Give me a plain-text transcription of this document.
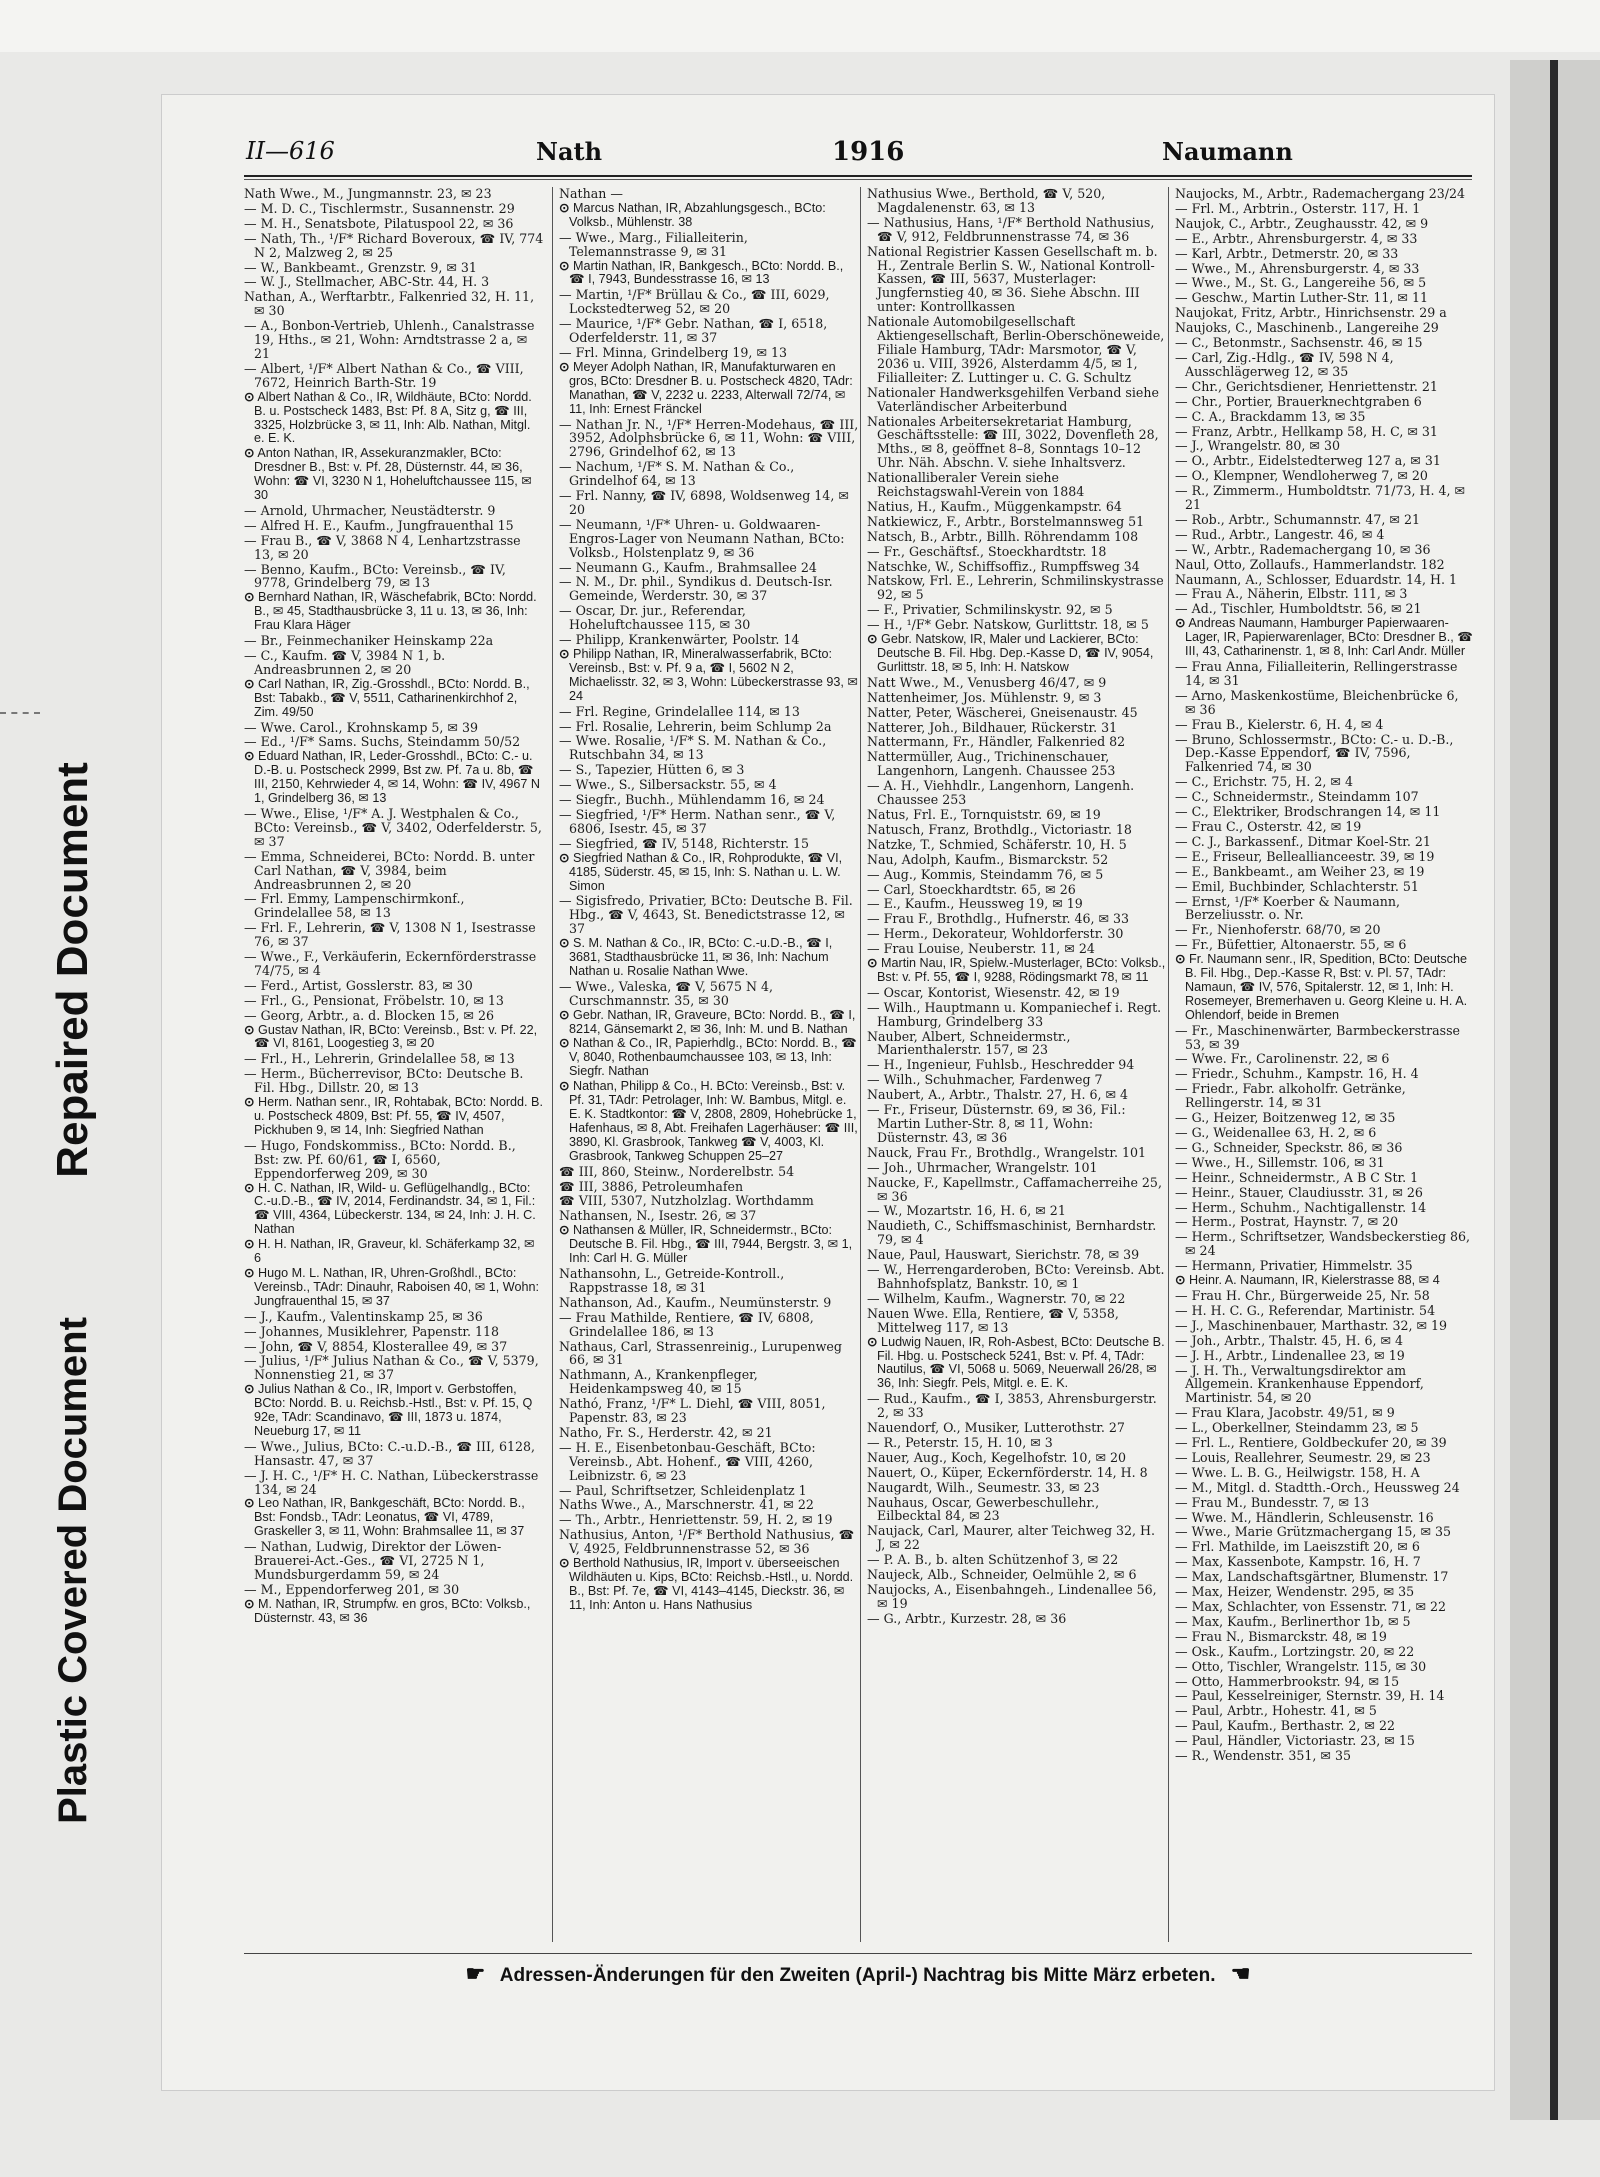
Repaired Document
Plastic Covered Document
II—616	Nath	1916	Naumann
Nath Wwe., M., Jungmannstr. 23, ✉ 23
— M. D. C., Tischlermstr., Susannenstr. 29
— M. H., Senatsbote, Pilatuspool 22, ✉ 36
— Nath, Th., ¹/F* Richard Boveroux, ☎ IV, 774 N 2, Malzweg 2, ✉ 25
— W., Bankbeamt., Grenzstr. 9, ✉ 31
— W. J., Stellmacher, ABC-Str. 44, H. 3
Nathan, A., Werftarbtr., Falkenried 32, H. 11, ✉ 30
— A., Bonbon-Vertrieb, Uhlenh., Canalstrasse 19, Hths., ✉ 21, Wohn: Arndtstrasse 2 a, ✉ 21
— Albert, ¹/F* Albert Nathan & Co., ☎ VIII, 7672, Heinrich Barth-Str. 19
⊙ Albert Nathan & Co., IR, Wildhäute, BCto: Nordd. B. u. Postscheck 1483, Bst: Pf. 8 A, Sitz g, ☎ III, 3325, Holzbrücke 3, ✉ 11, Inh: Alb. Nathan, Mitgl. e. E. K.
⊙ Anton Nathan, IR, Assekuranzmakler, BCto: Dresdner B., Bst: v. Pf. 28, Düsternstr. 44, ✉ 36, Wohn: ☎ VI, 3230 N 1, Hoheluftchaussee 115, ✉ 30
— Arnold, Uhrmacher, Neustädterstr. 9
— Alfred H. E., Kaufm., Jungfrauenthal 15
— Frau B., ☎ V, 3868 N 4, Lenhartzstrasse 13, ✉ 20
— Benno, Kaufm., BCto: Vereinsb., ☎ IV, 9778, Grindelberg 79, ✉ 13
⊙ Bernhard Nathan, IR, Wäschefabrik, BCto: Nordd. B., ✉ 45, Stadthausbrücke 3, 11 u. 13, ✉ 36, Inh: Frau Klara Häger
— Br., Feinmechaniker Heinskamp 22a
— C., Kaufm. ☎ V, 3984 N 1, b. Andreasbrunnen 2, ✉ 20
⊙ Carl Nathan, IR, Zig.-Grosshdl., BCto: Nordd. B., Bst: Tabakb., ☎ V, 5511, Catharinenkirchhof 2, Zim. 49/50
— Wwe. Carol., Krohnskamp 5, ✉ 39
— Ed., ¹/F* Sams. Suchs, Steindamm 50/52
⊙ Eduard Nathan, IR, Leder-Grosshdl., BCto: C.- u. D.-B. u. Postscheck 2999, Bst zw. Pf. 7a u. 8b, ☎ III, 2150, Kehrwieder 4, ✉ 14, Wohn: ☎ IV, 4967 N 1, Grindelberg 36, ✉ 13
— Wwe., Elise, ¹/F* A. J. Westphalen & Co., BCto: Vereinsb., ☎ V, 3402, Oderfelderstr. 5, ✉ 37
— Emma, Schneiderei, BCto: Nordd. B. unter Carl Nathan, ☎ V, 3984, beim Andreasbrunnen 2, ✉ 20
— Frl. Emmy, Lampenschirmkonf., Grindelallee 58, ✉ 13
— Frl. F., Lehrerin, ☎ V, 1308 N 1, Isestrasse 76, ✉ 37
— Wwe., F., Verkäuferin, Eckernförderstrasse 74/75, ✉ 4
— Ferd., Artist, Gosslerstr. 83, ✉ 30
— Frl., G., Pensionat, Fröbelstr. 10, ✉ 13
— Georg, Arbtr., a. d. Blocken 15, ✉ 26
⊙ Gustav Nathan, IR, BCto: Vereinsb., Bst: v. Pf. 22, ☎ VI, 8161, Loogestieg 3, ✉ 20
— Frl., H., Lehrerin, Grindelallee 58, ✉ 13
— Herm., Bücherrevisor, BCto: Deutsche B. Fil. Hbg., Dillstr. 20, ✉ 13
⊙ Herm. Nathan senr., IR, Rohtabak, BCto: Nordd. B. u. Postscheck 4809, Bst: Pf. 55, ☎ IV, 4507, Pickhuben 9, ✉ 14, Inh: Siegfried Nathan
— Hugo, Fondskommiss., BCto: Nordd. B., Bst: zw. Pf. 60/61, ☎ I, 6560, Eppendorferweg 209, ✉ 30
⊙ H. C. Nathan, IR, Wild- u. Geflügelhandlg., BCto: C.-u.D.-B., ☎ IV, 2014, Ferdinandstr. 34, ✉ 1, Fil.: ☎ VIII, 4364, Lübeckerstr. 134, ✉ 24, Inh: J. H. C. Nathan
⊙ H. H. Nathan, IR, Graveur, kl. Schäferkamp 32, ✉ 6
⊙ Hugo M. L. Nathan, IR, Uhren-Großhdl., BCto: Vereinsb., TAdr: Dinauhr, Raboisen 40, ✉ 1, Wohn: Jungfrauenthal 15, ✉ 37
— J., Kaufm., Valentinskamp 25, ✉ 36
— Johannes, Musiklehrer, Papenstr. 118
— John, ☎ V, 8854, Klosterallee 49, ✉ 37
— Julius, ¹/F* Julius Nathan & Co., ☎ V, 5379, Nonnenstieg 21, ✉ 37
⊙ Julius Nathan & Co., IR, Import v. Gerbstoffen, BCto: Nordd. B. u. Reichsb.-Hstl., Bst: v. Pf. 15, Q 92e, TAdr: Scandinavo, ☎ III, 1873 u. 1874, Neueburg 17, ✉ 11
— Wwe., Julius, BCto: C.-u.D.-B., ☎ III, 6128, Hansastr. 47, ✉ 37
— J. H. C., ¹/F* H. C. Nathan, Lübeckerstrasse 134, ✉ 24
⊙ Leo Nathan, IR, Bankgeschäft, BCto: Nordd. B., Bst: Fondsb., TAdr: Leonatus, ☎ VI, 4789, Graskeller 3, ✉ 11, Wohn: Brahmsallee 11, ✉ 37
— Nathan, Ludwig, Direktor der Löwen-Brauerei-Act.-Ges., ☎ VI, 2725 N 1, Mundsburgerdamm 59, ✉ 24
— M., Eppendorferweg 201, ✉ 30
⊙ M. Nathan, IR, Strumpfw. en gros, BCto: Volksb., Düsternstr. 43, ✉ 36
Nathan —
⊙ Marcus Nathan, IR, Abzahlungsgesch., BCto: Volksb., Mühlenstr. 38
— Wwe., Marg., Filialleiterin, Telemannstrasse 9, ✉ 31
⊙ Martin Nathan, IR, Bankgesch., BCto: Nordd. B., ☎ I, 7943, Bundesstrasse 16, ✉ 13
— Martin, ¹/F* Brüllau & Co., ☎ III, 6029, Lockstedterweg 52, ✉ 20
— Maurice, ¹/F* Gebr. Nathan, ☎ I, 6518, Oderfelderstr. 11, ✉ 37
— Frl. Minna, Grindelberg 19, ✉ 13
⊙ Meyer Adolph Nathan, IR, Manufakturwaren en gros, BCto: Dresdner B. u. Postscheck 4820, TAdr: Manathan, ☎ V, 2232 u. 2233, Alterwall 72/74, ✉ 11, Inh: Ernest Fränckel
— Nathan Jr. N., ¹/F* Herren-Modehaus, ☎ III, 3952, Adolphsbrücke 6, ✉ 11, Wohn: ☎ VIII, 2796, Grindelhof 62, ✉ 13
— Nachum, ¹/F* S. M. Nathan & Co., Grindelhof 64, ✉ 13
— Frl. Nanny, ☎ IV, 6898, Woldsenweg 14, ✉ 20
— Neumann, ¹/F* Uhren- u. Goldwaaren-Engros-Lager von Neumann Nathan, BCto: Volksb., Holstenplatz 9, ✉ 36
— Neumann G., Kaufm., Brahmsallee 24
— N. M., Dr. phil., Syndikus d. Deutsch-Isr. Gemeinde, Werderstr. 30, ✉ 37
— Oscar, Dr. jur., Referendar, Hoheluftchaussee 115, ✉ 30
— Philipp, Krankenwärter, Poolstr. 14
⊙ Philipp Nathan, IR, Mineralwasserfabrik, BCto: Vereinsb., Bst: v. Pf. 9 a, ☎ I, 5602 N 2, Michaelisstr. 32, ✉ 3, Wohn: Lübeckerstrasse 93, ✉ 24
— Frl. Regine, Grindelallee 114, ✉ 13
— Frl. Rosalie, Lehrerin, beim Schlump 2a
— Wwe. Rosalie, ¹/F* S. M. Nathan & Co., Rutschbahn 34, ✉ 13
— S., Tapezier, Hütten 6, ✉ 3
— Wwe., S., Silbersackstr. 55, ✉ 4
— Siegfr., Buchh., Mühlendamm 16, ✉ 24
— Siegfried, ¹/F* Herm. Nathan senr., ☎ V, 6806, Isestr. 45, ✉ 37
— Siegfried, ☎ IV, 5148, Richterstr. 15
⊙ Siegfried Nathan & Co., IR, Rohprodukte, ☎ VI, 4185, Süderstr. 45, ✉ 15, Inh: S. Nathan u. L. W. Simon
— Sigisfredo, Privatier, BCto: Deutsche B. Fil. Hbg., ☎ V, 4643, St. Benedictstrasse 12, ✉ 37
⊙ S. M. Nathan & Co., IR, BCto: C.-u.D.-B., ☎ I, 3681, Stadthausbrücke 11, ✉ 36, Inh: Nachum Nathan u. Rosalie Nathan Wwe.
— Wwe., Valeska, ☎ V, 5675 N 4, Curschmannstr. 35, ✉ 30
⊙ Gebr. Nathan, IR, Graveure, BCto: Nordd. B., ☎ I, 8214, Gänsemarkt 2, ✉ 36, Inh: M. und B. Nathan
⊙ Nathan & Co., IR, Papierhdlg., BCto: Nordd. B., ☎ V, 8040, Rothenbaumchaussee 103, ✉ 13, Inh: Siegfr. Nathan
⊙ Nathan, Philipp & Co., H. BCto: Vereinsb., Bst: v. Pf. 31, TAdr: Petrolager, Inh: W. Bambus, Mitgl. e. E. K. Stadtkontor: ☎ V, 2808, 2809, Hohebrücke 1, Hafenhaus, ✉ 8, Abt. Freihafen Lagerhäuser: ☎ III, 3890, Kl. Grasbrook, Tankweg ☎ V, 4003, Kl. Grasbrook, Tankweg Schuppen 25–27
☎ III, 860, Steinw., Norderelbstr. 54
☎ III, 3886, Petroleumhafen
☎ VIII, 5307, Nutzholzlag. Worthdamm
Nathansen, N., Isestr. 26, ✉ 37
⊙ Nathansen & Müller, IR, Schneidermstr., BCto: Deutsche B. Fil. Hbg., ☎ III, 7944, Bergstr. 3, ✉ 1, Inh: Carl H. G. Müller
Nathansohn, L., Getreide-Kontroll., Rappstrasse 18, ✉ 31
Nathanson, Ad., Kaufm., Neumünsterstr. 9
— Frau Mathilde, Rentiere, ☎ IV, 6808, Grindelallee 186, ✉ 13
Nathaus, Carl, Strassenreinig., Lurupenweg 66, ✉ 31
Nathmann, A., Krankenpfleger, Heidenkampsweg 40, ✉ 15
Nathó, Franz, ¹/F* L. Diehl, ☎ VIII, 8051, Papenstr. 83, ✉ 23
Natho, Fr. S., Herderstr. 42, ✉ 21
— H. E., Eisenbetonbau-Geschäft, BCto: Vereinsb., Abt. Hohenf., ☎ VIII, 4260, Leibnizstr. 6, ✉ 23
— Paul, Schriftsetzer, Schleidenplatz 1
Naths Wwe., A., Marschnerstr. 41, ✉ 22
— Th., Arbtr., Henriettenstr. 59, H. 2, ✉ 19
Nathusius, Anton, ¹/F* Berthold Nathusius, ☎ V, 4925, Feldbrunnenstrasse 52, ✉ 36
⊙ Berthold Nathusius, IR, Import v. überseeischen Wildhäuten u. Kips, BCto: Reichsb.-Hstl., u. Nordd. B., Bst: Pf. 7e, ☎ VI, 4143–4145, Dieckstr. 36, ✉ 11, Inh: Anton u. Hans Nathusius
Nathusius Wwe., Berthold, ☎ V, 520, Magdalenenstr. 63, ✉ 13
— Nathusius, Hans, ¹/F* Berthold Nathusius, ☎ V, 912, Feldbrunnenstrasse 74, ✉ 36
National Registrier Kassen Gesellschaft m. b. H., Zentrale Berlin S. W., National Kontroll-Kassen, ☎ III, 5637, Musterlager: Jungfernstieg 40, ✉ 36. Siehe Abschn. III unter: Kontrollkassen
Nationale Automobilgesellschaft Aktiengesellschaft, Berlin-Oberschöneweide, Filiale Hamburg, TAdr: Marsmotor, ☎ V, 2036 u. VIII, 3926, Alsterdamm 4/5, ✉ 1, Filialleiter: Z. Luttinger u. C. G. Schultz
Nationaler Handwerksgehilfen Verband siehe Vaterländischer Arbeiterbund
Nationales Arbeitersekretariat Hamburg, Geschäftsstelle: ☎ III, 3022, Dovenfleth 28, Mths., ✉ 8, geöffnet 8–8, Sonntags 10–12 Uhr. Näh. Abschn. V. siehe Inhaltsverz.
Nationalliberaler Verein siehe Reichstagswahl-Verein von 1884
Natius, H., Kaufm., Müggenkampstr. 64
Natkiewicz, F., Arbtr., Borstelmannsweg 51
Natsch, B., Arbtr., Billh. Röhrendamm 108
— Fr., Geschäftsf., Stoeckhardtstr. 18
Natschke, W., Schiffsoffiz., Rumpffsweg 34
Natskow, Frl. E., Lehrerin, Schmilinskystrasse 92, ✉ 5
— F., Privatier, Schmilinskystr. 92, ✉ 5
— H., ¹/F* Gebr. Natskow, Gurlittstr. 18, ✉ 5
⊙ Gebr. Natskow, IR, Maler und Lackierer, BCto: Deutsche B. Fil. Hbg. Dep.-Kasse D, ☎ IV, 9054, Gurlittstr. 18, ✉ 5, Inh: H. Natskow
Natt Wwe., M., Venusberg 46/47, ✉ 9
Nattenheimer, Jos. Mühlenstr. 9, ✉ 3
Natter, Peter, Wäscherei, Gneisenaustr. 45
Natterer, Joh., Bildhauer, Rückerstr. 31
Nattermann, Fr., Händler, Falkenried 82
Nattermüller, Aug., Trichinenschauer, Langenhorn, Langenh. Chaussee 253
— A. H., Viehhdlr., Langenhorn, Langenh. Chaussee 253
Natus, Frl. E., Tornquiststr. 69, ✉ 19
Natusch, Franz, Brothdlg., Victoriastr. 18
Natzke, T., Schmied, Schäferstr. 10, H. 5
Nau, Adolph, Kaufm., Bismarckstr. 52
— Aug., Kommis, Steindamm 76, ✉ 5
— Carl, Stoeckhardtstr. 65, ✉ 26
— E., Kaufm., Heussweg 19, ✉ 19
— Frau F., Brothdlg., Hufnerstr. 46, ✉ 33
— Herm., Dekorateur, Wohldorferstr. 30
— Frau Louise, Neuberstr. 11, ✉ 24
⊙ Martin Nau, IR, Spielw.-Musterlager, BCto: Volksb., Bst: v. Pf. 55, ☎ I, 9288, Rödingsmarkt 78, ✉ 11
— Oscar, Kontorist, Wiesenstr. 42, ✉ 19
— Wilh., Hauptmann u. Kompaniechef i. Regt. Hamburg, Grindelberg 33
Nauber, Albert, Schneidermstr., Marienthalerstr. 157, ✉ 23
— H., Ingenieur, Fuhlsb., Heschredder 94
— Wilh., Schuhmacher, Fardenweg 7
Naubert, A., Arbtr., Thalstr. 27, H. 6, ✉ 4
— Fr., Friseur, Düsternstr. 69, ✉ 36, Fil.: Martin Luther-Str. 8, ✉ 11, Wohn: Düsternstr. 43, ✉ 36
Nauck, Frau Fr., Brothdlg., Wrangelstr. 101
— Joh., Uhrmacher, Wrangelstr. 101
Naucke, F., Kapellmstr., Caffamacherreihe 25, ✉ 36
— W., Mozartstr. 16, H. 6, ✉ 21
Naudieth, C., Schiffsmaschinist, Bernhardstr. 79, ✉ 4
Naue, Paul, Hauswart, Sierichstr. 78, ✉ 39
— W., Herrengarderoben, BCto: Vereinsb. Abt. Bahnhofsplatz, Bankstr. 10, ✉ 1
— Wilhelm, Kaufm., Wagnerstr. 70, ✉ 22
Nauen Wwe. Ella, Rentiere, ☎ V, 5358, Mittelweg 117, ✉ 13
⊙ Ludwig Nauen, IR, Roh-Asbest, BCto: Deutsche B. Fil. Hbg. u. Postscheck 5241, Bst: v. Pf. 4, TAdr: Nautilus, ☎ VI, 5068 u. 5069, Neuerwall 26/28, ✉ 36, Inh: Siegfr. Pels, Mitgl. e. E. K.
— Rud., Kaufm., ☎ I, 3853, Ahrensburgerstr. 2, ✉ 33
Nauendorf, O., Musiker, Lutterothstr. 27
— R., Peterstr. 15, H. 10, ✉ 3
Nauer, Aug., Koch, Kegelhofstr. 10, ✉ 20
Nauert, O., Küper, Eckernförderstr. 14, H. 8
Naugardt, Wilh., Seumestr. 33, ✉ 23
Nauhaus, Oscar, Gewerbeschullehr., Eilbecktal 84, ✉ 23
Naujack, Carl, Maurer, alter Teichweg 32, H. J, ✉ 22
— P. A. B., b. alten Schützenhof 3, ✉ 22
Naujeck, Alb., Schneider, Oelmühle 2, ✉ 6
Naujocks, A., Eisenbahngeh., Lindenallee 56, ✉ 19
— G., Arbtr., Kurzestr. 28, ✉ 36
Naujocks, M., Arbtr., Rademachergang 23/24
— Frl. M., Arbtrin., Osterstr. 117, H. 1
Naujok, C., Arbtr., Zeughausstr. 42, ✉ 9
— E., Arbtr., Ahrensburgerstr. 4, ✉ 33
— Karl, Arbtr., Detmerstr. 20, ✉ 33
— Wwe., M., Ahrensburgerstr. 4, ✉ 33
— Wwe., M., St. G., Langereihe 56, ✉ 5
— Geschw., Martin Luther-Str. 11, ✉ 11
Naujokat, Fritz, Arbtr., Hinrichsenstr. 29 a
Naujoks, C., Maschinenb., Langereihe 29
— C., Betonmstr., Sachsenstr. 46, ✉ 15
— Carl, Zig.-Hdlg., ☎ IV, 598 N 4, Ausschlägerweg 12, ✉ 35
— Chr., Gerichtsdiener, Henriettenstr. 21
— Chr., Portier, Brauerknechtgraben 6
— C. A., Brackdamm 13, ✉ 35
— Franz, Arbtr., Hellkamp 58, H. C, ✉ 31
— J., Wrangelstr. 80, ✉ 30
— O., Arbtr., Eidelstedterweg 127 a, ✉ 31
— O., Klempner, Wendloherweg 7, ✉ 20
— R., Zimmerm., Humboldtstr. 71/73, H. 4, ✉ 21
— Rob., Arbtr., Schumannstr. 47, ✉ 21
— Rud., Arbtr., Langestr. 46, ✉ 4
— W., Arbtr., Rademachergang 10, ✉ 36
Naul, Otto, Zollaufs., Hammerlandstr. 182
Naumann, A., Schlosser, Eduardstr. 14, H. 1
— Frau A., Näherin, Elbstr. 111, ✉ 3
— Ad., Tischler, Humboldtstr. 56, ✉ 21
⊙ Andreas Naumann, Hamburger Papierwaaren-Lager, IR, Papierwarenlager, BCto: Dresdner B., ☎ III, 43, Catharinenstr. 1, ✉ 8, Inh: Carl Andr. Müller
— Frau Anna, Filialleiterin, Rellingerstrasse 14, ✉ 31
— Arno, Maskenkostüme, Bleichenbrücke 6, ✉ 36
— Frau B., Kielerstr. 6, H. 4, ✉ 4
— Bruno, Schlossermstr., BCto: C.- u. D.-B., Dep.-Kasse Eppendorf, ☎ IV, 7596, Falkenried 74, ✉ 30
— C., Erichstr. 75, H. 2, ✉ 4
— C., Schneidermstr., Steindamm 107
— C., Elektriker, Brodschrangen 14, ✉ 11
— Frau C., Osterstr. 42, ✉ 19
— C. J., Barkassenf., Ditmar Koel-Str. 21
— E., Friseur, Belleallianceestr. 39, ✉ 19
— E., Bankbeamt., am Weiher 23, ✉ 19
— Emil, Buchbinder, Schlachterstr. 51
— Ernst, ¹/F* Koerber & Naumann, Berzeliusstr. o. Nr.
— Fr., Nienhoferstr. 68/70, ✉ 20
— Fr., Büfettier, Altonaerstr. 55, ✉ 6
⊙ Fr. Naumann senr., IR, Spedition, BCto: Deutsche B. Fil. Hbg., Dep.-Kasse R, Bst: v. Pl. 57, TAdr: Namaun, ☎ IV, 576, Spitalerstr. 12, ✉ 1, Inh: H. Rosemeyer, Bremerhaven u. Georg Kleine u. H. A. Ohlendorf, beide in Bremen
— Fr., Maschinenwärter, Barmbeckerstrasse 53, ✉ 39
— Wwe. Fr., Carolinenstr. 22, ✉ 6
— Friedr., Schuhm., Kampstr. 16, H. 4
— Friedr., Fabr. alkoholfr. Getränke, Rellingerstr. 14, ✉ 31
— G., Heizer, Boitzenweg 12, ✉ 35
— G., Weidenallee 63, H. 2, ✉ 6
— G., Schneider, Speckstr. 86, ✉ 36
— Wwe., H., Sillemstr. 106, ✉ 31
— Heinr., Schneidermstr., A B C Str. 1
— Heinr., Stauer, Claudiusstr. 31, ✉ 26
— Herm., Schuhm., Nachtigallenstr. 14
— Herm., Postrat, Haynstr. 7, ✉ 20
— Herm., Schriftsetzer, Wandsbeckerstieg 86, ✉ 24
— Hermann, Privatier, Himmelstr. 35
⊙ Heinr. A. Naumann, IR, Kielerstrasse 88, ✉ 4
— Frau H. Chr., Bürgerweide 25, Nr. 58
— H. H. C. G., Referendar, Martinistr. 54
— J., Maschinenbauer, Marthastr. 32, ✉ 19
— Joh., Arbtr., Thalstr. 45, H. 6, ✉ 4
— J. H., Arbtr., Lindenallee 23, ✉ 19
— J. H. Th., Verwaltungsdirektor am Allgemein. Krankenhause Eppendorf, Martinistr. 54, ✉ 20
— Frau Klara, Jacobstr. 49/51, ✉ 9
— L., Oberkellner, Steindamm 23, ✉ 5
— Frl. L., Rentiere, Goldbeckufer 20, ✉ 39
— Louis, Reallehrer, Seumestr. 29, ✉ 23
— Wwe. L. B. G., Heilwigstr. 158, H. A
— M., Mitgl. d. Stadtth.-Orch., Heussweg 24
— Frau M., Bundesstr. 7, ✉ 13
— Wwe. M., Händlerin, Schleusenstr. 16
— Wwe., Marie Grützmachergang 15, ✉ 35
— Frl. Mathilde, im Laeiszstift 20, ✉ 6
— Max, Kassenbote, Kampstr. 16, H. 7
— Max, Landschaftsgärtner, Blumenstr. 17
— Max, Heizer, Wendenstr. 295, ✉ 35
— Max, Schlachter, von Essenstr. 71, ✉ 22
— Max, Kaufm., Berlinerthor 1b, ✉ 5
— Frau N., Bismarckstr. 48, ✉ 19
— Osk., Kaufm., Lortzingstr. 20, ✉ 22
— Otto, Tischler, Wrangelstr. 115, ✉ 30
— Otto, Hammerbrookstr. 94, ✉ 15
— Paul, Kesselreiniger, Sternstr. 39, H. 14
— Paul, Arbtr., Hohestr. 41, ✉ 5
— Paul, Kaufm., Berthastr. 2, ✉ 22
— Paul, Händler, Victoriastr. 23, ✉ 15
— R., Wendenstr. 351, ✉ 35
☛ Adressen-Änderungen für den Zweiten (April-) Nachtrag bis Mitte März erbeten. ☚
